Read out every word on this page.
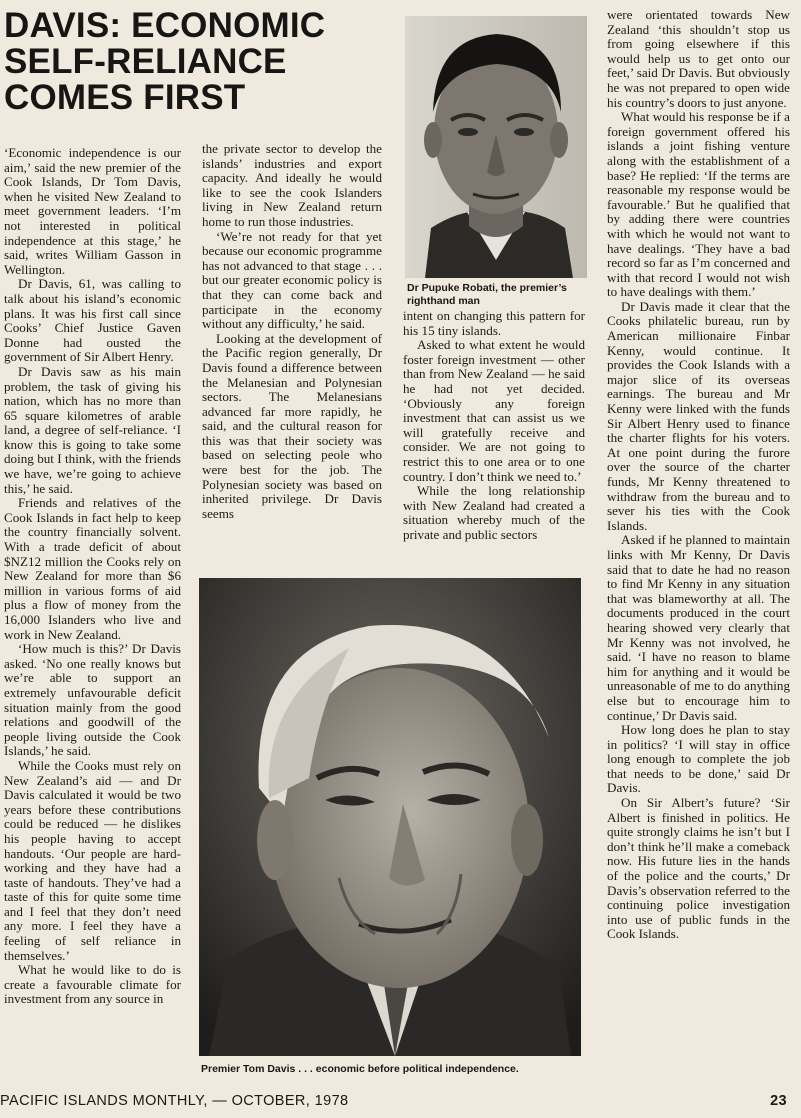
DAVIS: ECONOMIC
SELF-RELIANCE
COMES FIRST

‘Economic independence is our aim,’ said the new premier of the Cook Islands, Dr Tom Davis, when he visited New Zealand to meet government leaders. ‘I’m not interested in political independence at this stage,’ he said, writes William Gasson in Wellington.

Dr Davis, 61, was calling to talk about his island’s economic plans. It was his first call since Cooks’ Chief Justice Gaven Donne had ousted the government of Sir Albert Henry.

Dr Davis saw as his main problem, the task of giving his nation, which has no more than 65 square kilometres of arable land, a degree of self-reliance. ‘I know this is going to take some doing but I think, with the friends we have, we’re going to achieve this,’ he said.

Friends and relatives of the Cook Islands in fact help to keep the country financially solvent. With a trade deficit of about $NZ12 million the Cooks rely on New Zealand for more than $6 million in various forms of aid plus a flow of money from the 16,000 Islanders who live and work in New Zealand.

‘How much is this?’ Dr Davis asked. ‘No one really knows but we’re able to support an extremely unfavourable deficit situation mainly from the good relations and goodwill of the people living outside the Cook Islands,’ he said.

While the Cooks must rely on New Zealand’s aid — and Dr Davis calculated it would be two years before these contributions could be reduced — he dislikes his people having to accept handouts. ‘Our people are hard-working and they have had a taste of handouts. They’ve had a taste of this for quite some time and I feel that they don’t need any more. I feel they have a feeling of self reliance in themselves.’

What he would like to do is create a favourable climate for investment from any source in

the private sector to develop the islands’ industries and export capacity. And ideally he would like to see the cook Islanders living in New Zealand return home to run those industries.

‘We’re not ready for that yet because our economic programme has not advanced to that stage . . . but our greater economic policy is that they can come back and participate in the economy without any difficulty,’ he said.

Looking at the development of the Pacific region generally, Dr Davis found a difference between the Melanesian and Polynesian sectors. The Melanesians advanced far more rapidly, he said, and the cultural reason for this was that their society was based on selecting peole who were best for the job. The Polynesian society was based on inherited privilege. Dr Davis seems

Dr Pupuke Robati, the premier’s righthand man

intent on changing this pattern for his 15 tiny islands.

Asked to what extent he would foster foreign investment — other than from New Zealand — he said he had not yet decided. ‘Obviously any foreign investment that can assist us we will gratefully receive and consider. We are not going to restrict this to one area or to one country. I don’t think we need to.’

While the long relationship with New Zealand had created a situation whereby much of the private and public sectors

Premier Tom Davis . . . economic before political independence.

were orientated towards New Zealand ‘this shouldn’t stop us from going elsewhere if this would help us to get onto our feet,’ said Dr Davis. But obviously he was not prepared to open wide his country’s doors to just anyone.

What would his response be if a foreign government offered his islands a joint fishing venture along with the establishment of a base? He replied: ‘If the terms are reasonable my response would be favourable.’ But he qualified that by adding there were countries with which he would not want to have dealings. ‘They have a bad record so far as I’m concerned and with that record I would not wish to have dealings with them.’

Dr Davis made it clear that the Cooks philatelic bureau, run by American millionaire Finbar Kenny, would continue. It provides the Cook Islands with a major slice of its overseas earnings. The bureau and Mr Kenny were linked with the funds Sir Albert Henry used to finance the charter flights for his voters. At one point during the furore over the source of the charter funds, Mr Kenny threatened to withdraw from the bureau and to sever his ties with the Cook Islands.

Asked if he planned to maintain links with Mr Kenny, Dr Davis said that to date he had no reason to find Mr Kenny in any situation that was blameworthy at all. The documents produced in the court hearing showed very clearly that Mr Kenny was not involved, he said. ‘I have no reason to blame him for anything and it would be unreasonable of me to do anything else but to encourage him to continue,’ Dr Davis said.

How long does he plan to stay in politics? ‘I will stay in office long enough to complete the job that needs to be done,’ said Dr Davis.

On Sir Albert’s future? ‘Sir Albert is finished in politics. He quite strongly claims he isn’t but I don’t think he’ll make a comeback now. His future lies in the hands of the police and the courts,’ Dr Davis’s observation referred to the continuing police investigation into use of public funds in the Cook Islands.

PACIFIC ISLANDS MONTHLY, — OCTOBER, 1978	23
